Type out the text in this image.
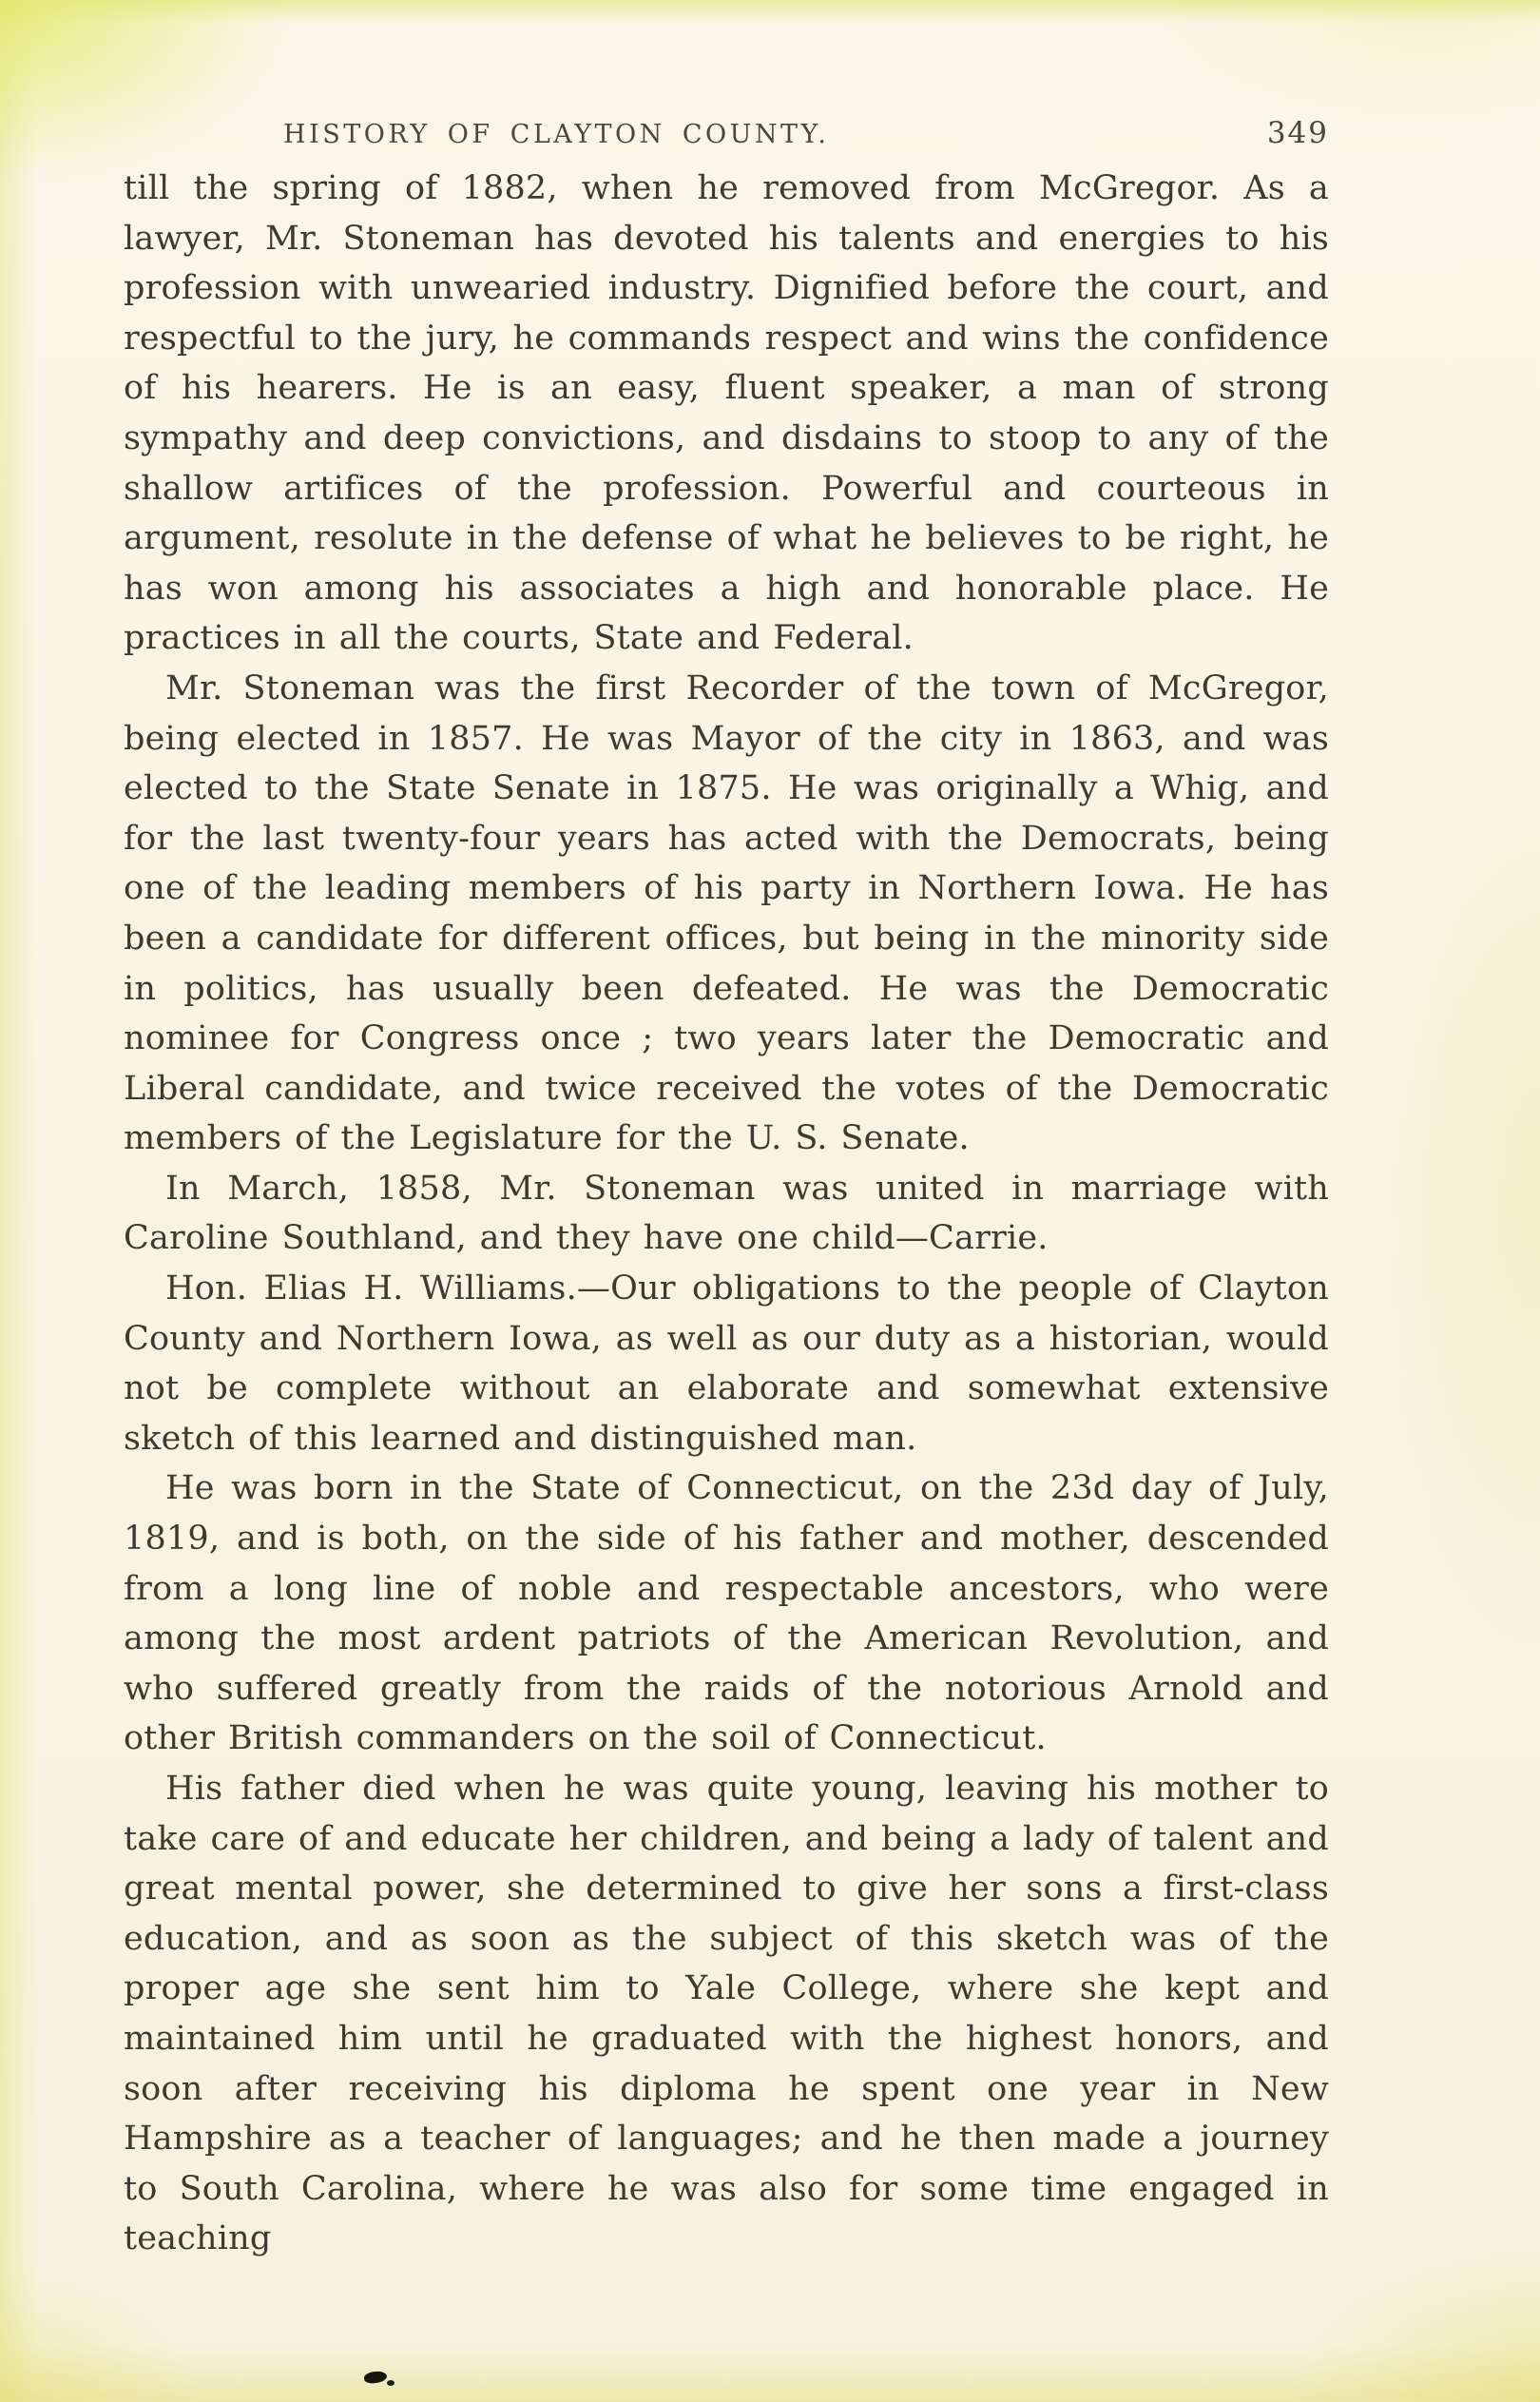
HISTORY OF CLAYTON COUNTY.	349

till the spring of 1882, when he removed from McGregor. As a lawyer, Mr. Stoneman has devoted his talents and energies to his profession with unwearied industry. Dignified before the court, and respectful to the jury, he commands respect and wins the confidence of his hearers. He is an easy, fluent speaker, a man of strong sympathy and deep convictions, and disdains to stoop to any of the shallow artifices of the profession. Powerful and courteous in argument, resolute in the defense of what he believes to be right, he has won among his associates a high and honorable place. He practices in all the courts, State and Federal.

Mr. Stoneman was the first Recorder of the town of McGregor, being elected in 1857. He was Mayor of the city in 1863, and was elected to the State Senate in 1875. He was originally a Whig, and for the last twenty-four years has acted with the Democrats, being one of the leading members of his party in Northern Iowa. He has been a candidate for different offices, but being in the minority side in politics, has usually been defeated. He was the Democratic nominee for Congress once ; two years later the Democratic and Liberal candidate, and twice received the votes of the Democratic members of the Legislature for the U. S. Senate.

In March, 1858, Mr. Stoneman was united in marriage with Caroline Southland, and they have one child—Carrie.

Hon. Elias H. Williams.—Our obligations to the people of Clayton County and Northern Iowa, as well as our duty as a historian, would not be complete without an elaborate and somewhat extensive sketch of this learned and distinguished man.

He was born in the State of Connecticut, on the 23d day of July, 1819, and is both, on the side of his father and mother, descended from a long line of noble and respectable ancestors, who were among the most ardent patriots of the American Revolution, and who suffered greatly from the raids of the notorious Arnold and other British commanders on the soil of Connecticut.

His father died when he was quite young, leaving his mother to take care of and educate her children, and being a lady of talent and great mental power, she determined to give her sons a first-class education, and as soon as the subject of this sketch was of the proper age she sent him to Yale College, where she kept and maintained him until he graduated with the highest honors, and soon after receiving his diploma he spent one year in New Hampshire as a teacher of languages; and he then made a journey to South Carolina, where he was also for some time engaged in teaching
